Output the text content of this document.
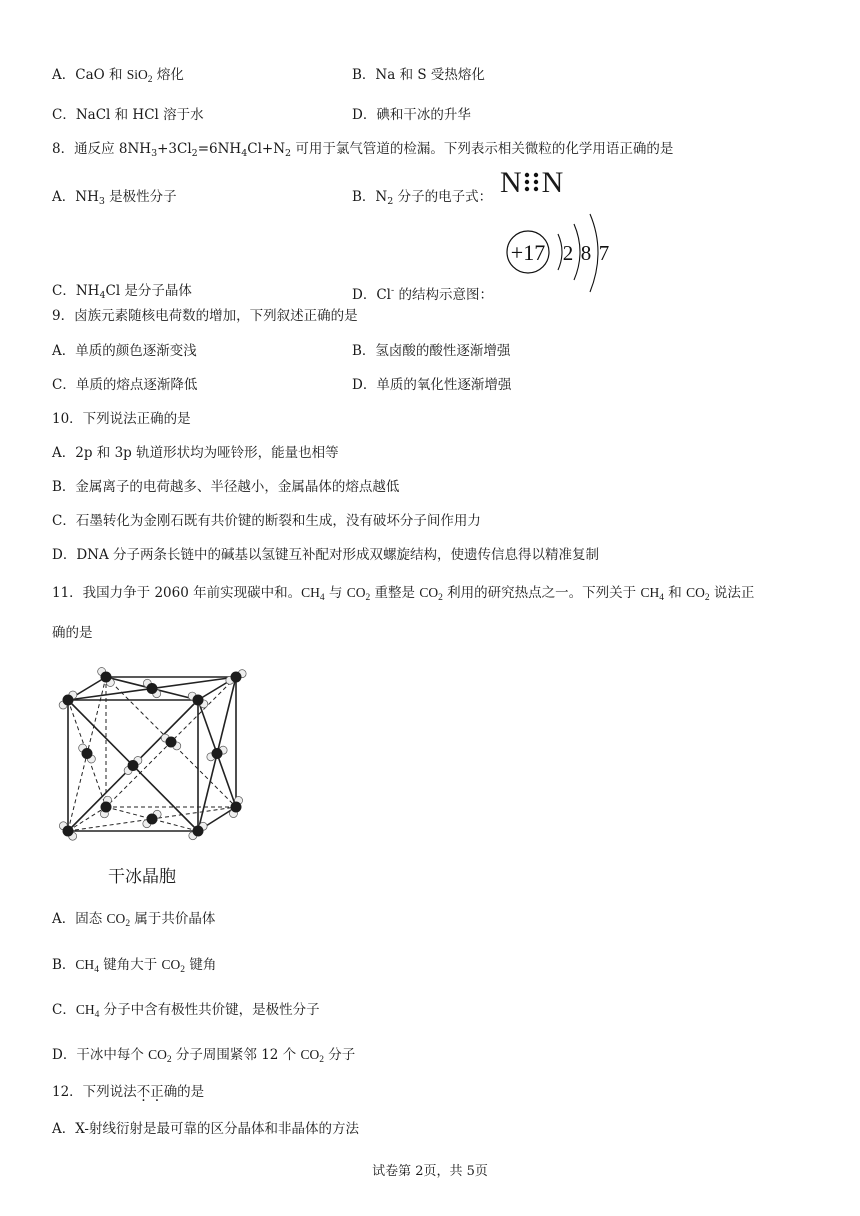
A．CaO 和 SiO$_2$ 熔化	B．Na 和 S 受热熔化
C．NaCl 和 HCl 溶于水	D．碘和干冰的升华
8．通反应 $8NH_3+3Cl_2=6NH_4Cl+N_2$ 可用于氯气管道的检漏。下列表示相关微粒的化学用语正确的是
A．$NH_3$ 是极性分子	B．$N_2$ 分子的电子式： N N
+17 2 8 7
C．$NH_4Cl$ 是分子晶体	D．Cl- 的结构示意图：
9．卤族元素随核电荷数的增加，下列叙述正确的是
A．单质的颜色逐渐变浅	B．氢卤酸的酸性逐渐增强
C．单质的熔点逐渐降低	D．单质的氧化性逐渐增强
10．下列说法正确的是
A．2p 和 3p 轨道形状均为哑铃形，能量也相等
B．金属离子的电荷越多、半径越小，金属晶体的熔点越低
C．石墨转化为金刚石既有共价键的断裂和生成，没有破坏分子间作用力
D．DNA 分子两条长链中的碱基以氢键互补配对形成双螺旋结构，使遗传信息得以精准复制
11．我国力争于 2060 年前实现碳中和。$CH_4$ 与 $CO_2$ 重整是 $CO_2$ 利用的研究热点之一。下列关于 $CH_4$ 和 $CO_2$ 说法正
确的是
干冰晶胞
A．固态 $CO_2$ 属于共价晶体
B．$CH_4$ 键角大于 $CO_2$ 键角
C．$CH_4$ 分子中含有极性共价键，是极性分子
D．干冰中每个 $CO_2$ 分子周围紧邻 12 个 $CO_2$ 分子
12．下列说法不正确的是
A．X-射线衍射是最可靠的区分晶体和非晶体的方法
试卷第 2页，共 5页
